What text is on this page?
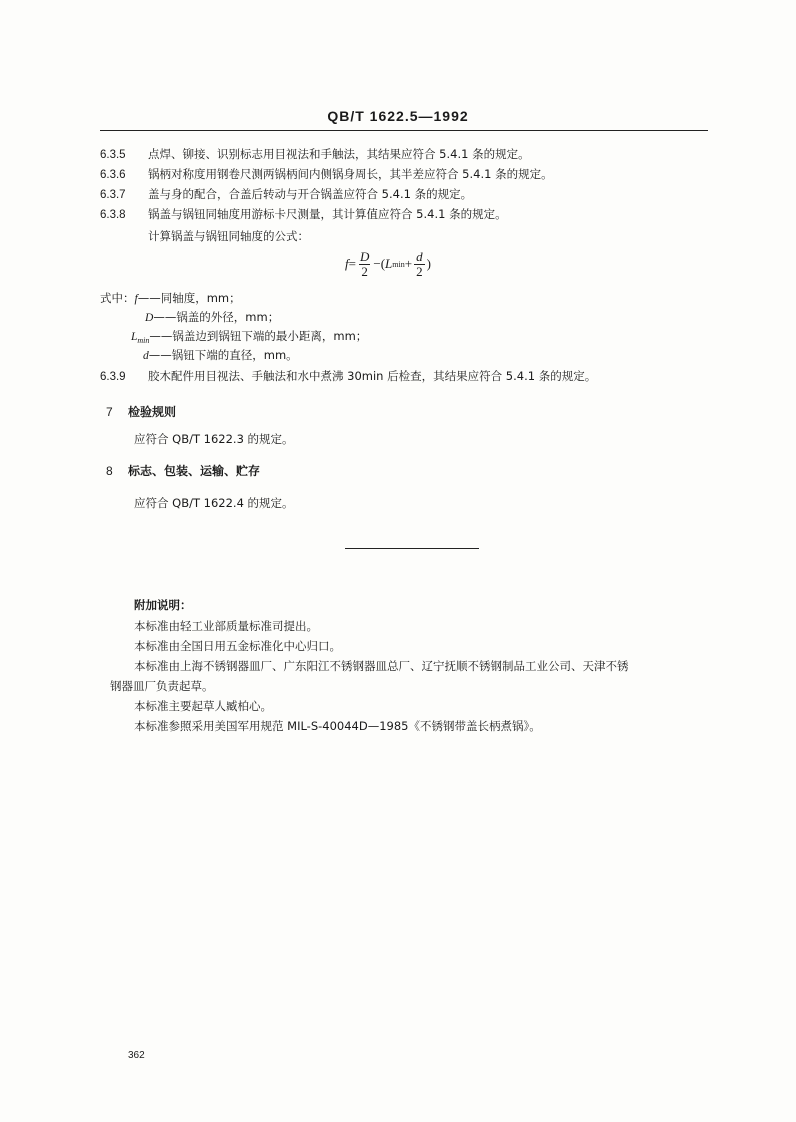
QB/T 1622.5—1992
6.3.5 点焊、铆接、识别标志用目视法和手触法，其结果应符合 5.4.1 条的规定。
6.3.6 锅柄对称度用钢卷尺测两锅柄间内侧锅身周长，其半差应符合 5.4.1 条的规定。
6.3.7 盖与身的配合，合盖后转动与开合锅盖应符合 5.4.1 条的规定。
6.3.8 锅盖与锅钮同轴度用游标卡尺测量，其计算值应符合 5.4.1 条的规定。
计算锅盖与锅钮同轴度的公式：
$f = \frac{D}{2}$ − ( L $\min + \frac{d}{2}$ )
式中：f——同轴度，mm；
D——锅盖的外径，mm；
$L_{min}——$锅盖边到锅钮下端的最小距离，mm；
d——锅钮下端的直径，mm。
6.3.9 胶木配件用目视法、手触法和水中煮沸 30min 后检查，其结果应符合 5.4.1 条的规定。
7 检验规则
应符合 QB/T 1622.3 的规定。
8 标志、包装、运输、贮存
应符合 QB/T 1622.4 的规定。
附加说明：
本标准由轻工业部质量标准司提出。
本标准由全国日用五金标准化中心归口。
本标准由上海不锈钢器皿厂、广东阳江不锈钢器皿总厂、辽宁抚顺不锈钢制品工业公司、天津不锈
钢器皿厂负责起草。
本标准主要起草人臧柏心。
本标准参照采用美国军用规范 MIL-S-40044D—1985《不锈钢带盖长柄煮锅》。
362
